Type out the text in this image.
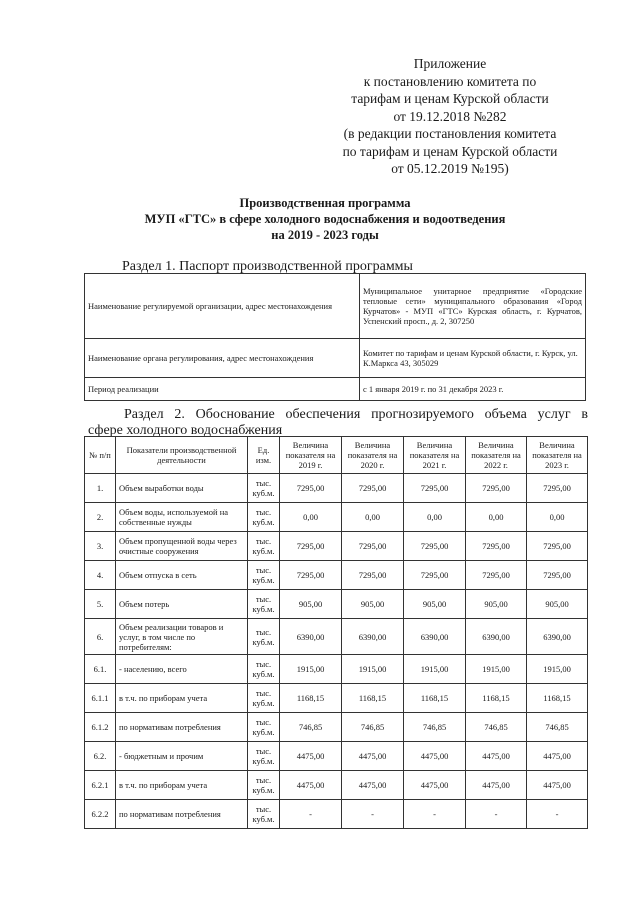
Приложение
к постановлению комитета по
тарифам и ценам Курской области
от 19.12.2018 №282
(в редакции постановления комитета
по тарифам и ценам Курской области
от 05.12.2019 №195)
Производственная программа
МУП «ГТС» в сфере холодного водоснабжения и водоотведения
на 2019 - 2023 годы
Раздел 1. Паспорт производственной программы
Наименование регулируемой организации, адрес местонахождения	Муниципальное унитарное предприятие «Городские тепловые сети» муниципального образования «Город Курчатов» - МУП «ГТС» Курская область, г. Курчатов, Успенский просп., д. 2, 307250
Наименование органа регулирования, адрес местонахождения	Комитет по тарифам и ценам Курской области, г. Курск, ул. К.Маркса 43, 305029
Период реализации	с 1 января 2019 г. по 31 декабря 2023 г.
Раздел 2. Обоснование обеспечения прогнозируемого объема услуг в
сфере холодного водоснабжения
№ п/п	Показатели производственной деятельности	Ед. изм.	Величина показателя на 2019 г.	Величина показателя на 2020 г.	Величина показателя на 2021 г.	Величина показателя на 2022 г.	Величина показателя на 2023 г.
1.	Объем выработки воды	тыс. куб.м.	7295,00	7295,00	7295,00	7295,00	7295,00
2.	Объем воды, используемой на собственные нужды	тыс. куб.м.	0,00	0,00	0,00	0,00	0,00
3.	Объем пропущенной воды через очистные сооружения	тыс. куб.м.	7295,00	7295,00	7295,00	7295,00	7295,00
4.	Объем отпуска в сеть	тыс. куб.м.	7295,00	7295,00	7295,00	7295,00	7295,00
5.	Объем потерь	тыс. куб.м.	905,00	905,00	905,00	905,00	905,00
6.	Объем реализации товаров и услуг, в том числе по потребителям:	тыс. куб.м.	6390,00	6390,00	6390,00	6390,00	6390,00
6.1.	- населению, всего	тыс. куб.м.	1915,00	1915,00	1915,00	1915,00	1915,00
6.1.1	в т.ч. по приборам учета	тыс. куб.м.	1168,15	1168,15	1168,15	1168,15	1168,15
6.1.2	по нормативам потребления	тыс. куб.м.	746,85	746,85	746,85	746,85	746,85
6.2.	- бюджетным и прочим	тыс. куб.м.	4475,00	4475,00	4475,00	4475,00	4475,00
6.2.1	в т.ч. по приборам учета	тыс. куб.м.	4475,00	4475,00	4475,00	4475,00	4475,00
6.2.2	по нормативам потребления	тыс. куб.м.	-	-	-	-	-
